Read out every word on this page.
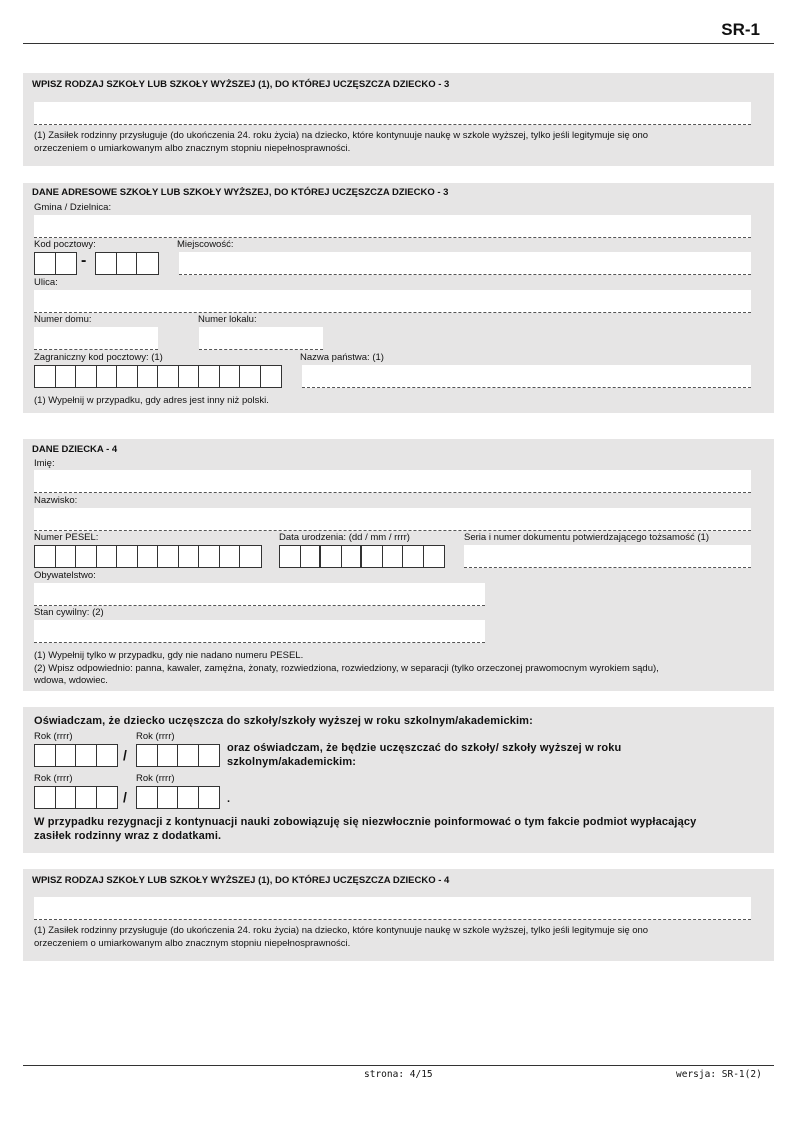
SR-1
WPISZ RODZAJ SZKOŁY LUB SZKOŁY WYŻSZEJ (1), DO KTÓREJ UCZĘSZCZA DZIECKO - 3
(1) Zasiłek rodzinny przysługuje (do ukończenia 24. roku życia) na dziecko, które kontynuuje naukę w szkole wyższej, tylko jeśli legitymuje się ono
orzeczeniem o umiarkowanym albo znacznym stopniu niepełnosprawności.
DANE ADRESOWE SZKOŁY LUB SZKOŁY WYŻSZEJ, DO KTÓREJ UCZĘSZCZA DZIECKO - 3
Gmina / Dzielnica:
Kod pocztowy:
-
Miejscowość:
Ulica:
Numer domu:	Numer lokalu:
Zagraniczny kod pocztowy: (1)	Nazwa państwa: (1)
(1) Wypełnij w przypadku, gdy adres jest inny niż polski.
DANE DZIECKA - 4
Imię:
Nazwisko:
Numer PESEL:	Data urodzenia: (dd / mm / rrrr)	Seria i numer dokumentu potwierdzającego tożsamość (1)
Obywatelstwo:
Stan cywilny: (2)
(1) Wypełnij tylko w przypadku, gdy nie nadano numeru PESEL.
(2) Wpisz odpowiednio: panna, kawaler, zamężna, żonaty, rozwiedziona, rozwiedziony, w separacji (tylko orzeczonej prawomocnym wyrokiem sądu),
wdowa, wdowiec.
Oświadczam, że dziecko uczęszcza do szkoły/szkoły wyższej w roku szkolnym/akademickim:
Rok (rrrr)
/
Rok (rrrr)
oraz oświadczam, że będzie uczęszczać do szkoły/ szkoły wyższej w roku
szkolnym/akademickim:
Rok (rrrr)
/
Rok (rrrr)
.
W przypadku rezygnacji z kontynuacji nauki zobowiązuję się niezwłocznie poinformować o tym fakcie podmiot wypłacający
zasiłek rodzinny wraz z dodatkami.
WPISZ RODZAJ SZKOŁY LUB SZKOŁY WYŻSZEJ (1), DO KTÓREJ UCZĘSZCZA DZIECKO - 4
(1) Zasiłek rodzinny przysługuje (do ukończenia 24. roku życia) na dziecko, które kontynuuje naukę w szkole wyższej, tylko jeśli legitymuje się ono
orzeczeniem o umiarkowanym albo znacznym stopniu niepełnosprawności.
strona: 4/15	wersja: SR-1(2)
